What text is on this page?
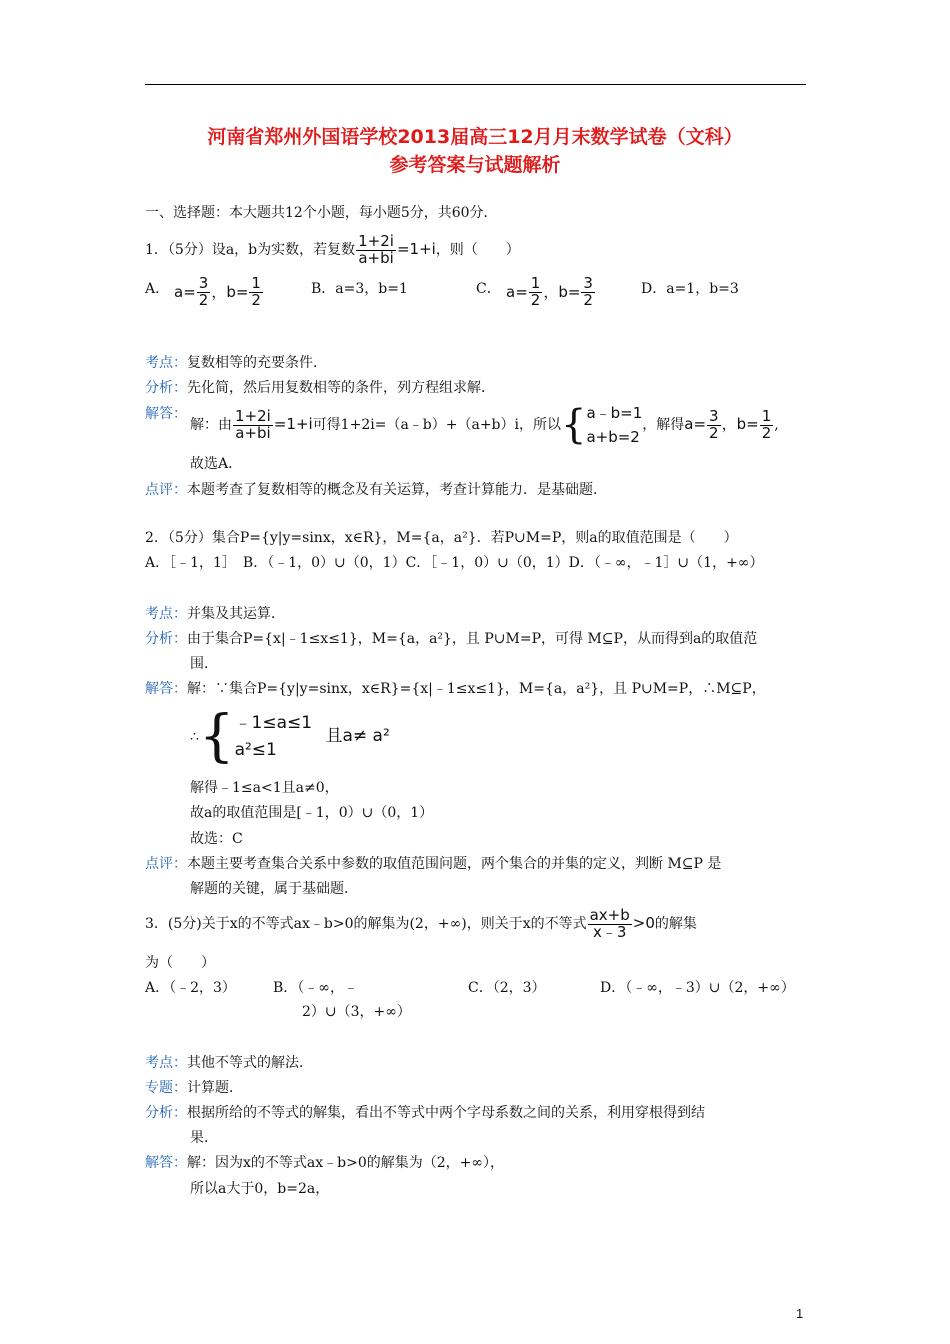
河南省郑州外国语学校2013届高三12月月末数学试卷（文科）
参考答案与试题解析
一、选择题：本大题共12个小题，每小题5分，共60分．
1．（5分）设a，b为实数，若复数 $\frac{1+2i}{a+bi} =1+i$，则（　　）
A． $a= \frac{3}{2}$ ，$b= \frac{1}{2}$	B．a=3，b=1	C． $a= \frac{1}{2}$ ，$b= \frac{3}{2}$	D．a=1，b=3
考点：复数相等的充要条件．
分析：先化简，然后用复数相等的条件，列方程组求解．
解答：
解：由 $\frac{1+2i}{a+bi} =1+i$可得1+2i=（a﹣b）+（a+b）i，所以{ a﹣b=1
a+b=2
，解得$a= \frac{3}{2}$ ，$b= \frac{1}{2}$ ,
故选A．
点评：本题考查了复数相等的概念及有关运算，考查计算能力．是基础题．
2．（5分）集合P={y|y=sinx，x∈R}，M={a，a²}．若P∪M=P，则a的取值范围是（　　）
A．［﹣1，1］　B．（﹣1，0）∪（0，1）C．［﹣1，0）∪（0，1）D．（﹣∞，﹣1］∪（1，+∞）
考点：并集及其运算．
分析：由于集合P={x|﹣1≤x≤1}，M={a，a²}，且 P∪M=P，可得 M⊆P，从而得到a的取值范
围．
解答：解：∵集合P={y|y=sinx，x∈R}={x|﹣1≤x≤1}，M={a，a²}，且 P∪M=P，∴M⊆P，
∴{ ﹣1≤a≤1
a²≤1
且a≠ a²
解得﹣1≤a<1且a≠0，
故a的取值范围是[﹣1，0）∪（0，1）
故选：C
点评：本题主要考查集合关系中参数的取值范围问题，两个集合的并集的定义，判断 M⊆P 是
解题的关键，属于基础题．
3．(5分)关于x的不等式ax﹣b>0的解集为(2，+∞)，则关于x的不等式 $\frac{ax+b}{x﹣3} >0$的解集
为（　　）
A．（﹣2，3）	B．（﹣∞，﹣
2）∪（3，+∞）
C．（2，3）	D．（﹣∞，﹣3）∪（2，+∞）
考点：其他不等式的解法．
专题：计算题．
分析：根据所给的不等式的解集，看出不等式中两个字母系数之间的关系，利用穿根得到结
果．
解答：解：因为x的不等式ax﹣b>0的解集为（2，+∞），
所以a大于0，b=2a，
1
